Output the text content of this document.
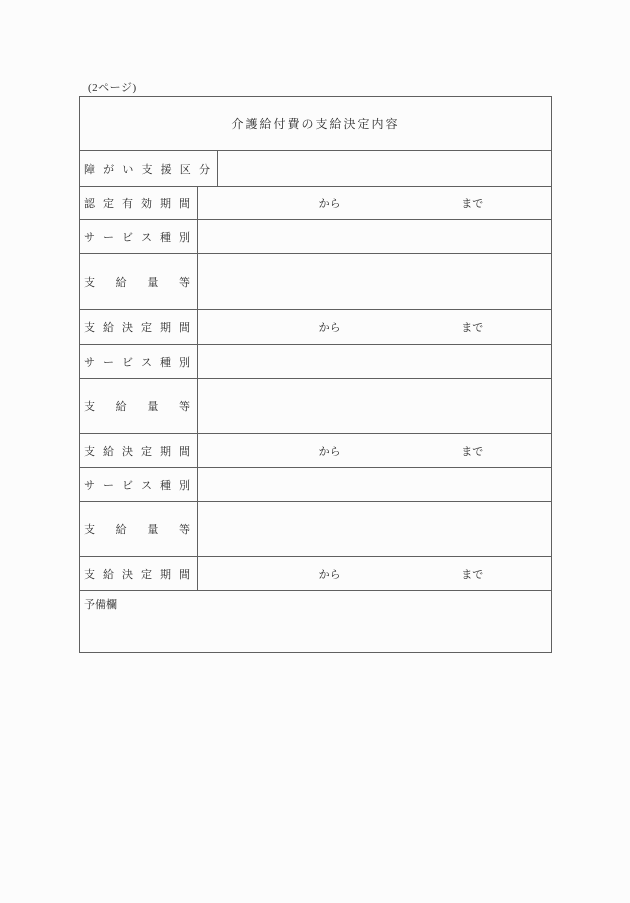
(2ページ)
介護給付費の支給決定内容
障 が い 支 援 区 分
認 定 有 効 期 間	から	まで
サ ー ビ ス 種 別
支 給 量 等
支 給 決 定 期 間	から	まで
サ ー ビ ス 種 別
支 給 量 等
支 給 決 定 期 間	から	まで
サ ー ビ ス 種 別
支 給 量 等
支 給 決 定 期 間	から	まで
予備欄
